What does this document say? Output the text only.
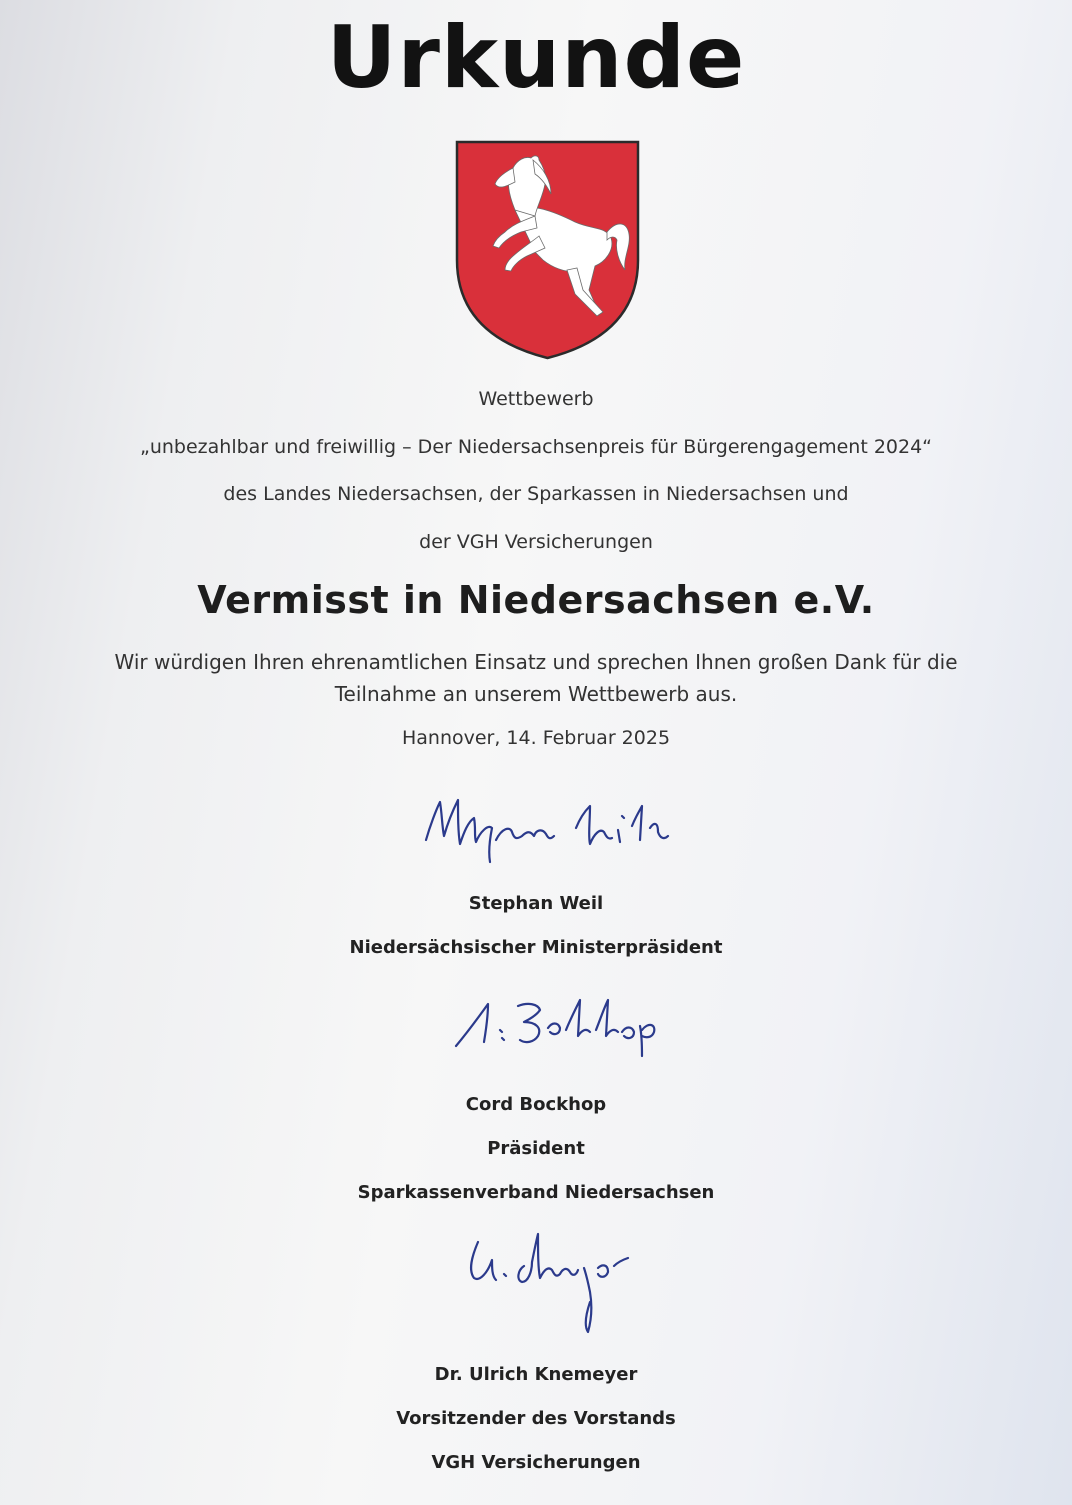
Urkunde
Wettbewerb
„unbezahlbar und freiwillig – Der Niedersachsenpreis für Bürgerengagement 2024“
des Landes Niedersachsen, der Sparkassen in Niedersachsen und
der VGH Versicherungen
Vermisst in Niedersachsen e.V.
Wir würdigen Ihren ehrenamtlichen Einsatz und sprechen Ihnen großen Dank für die
Teilnahme an unserem Wettbewerb aus.
Hannover, 14. Februar 2025
Stephan Weil
Niedersächsischer Ministerpräsident
Cord Bockhop
Präsident
Sparkassenverband Niedersachsen
Dr. Ulrich Knemeyer
Vorsitzender des Vorstands
VGH Versicherungen
